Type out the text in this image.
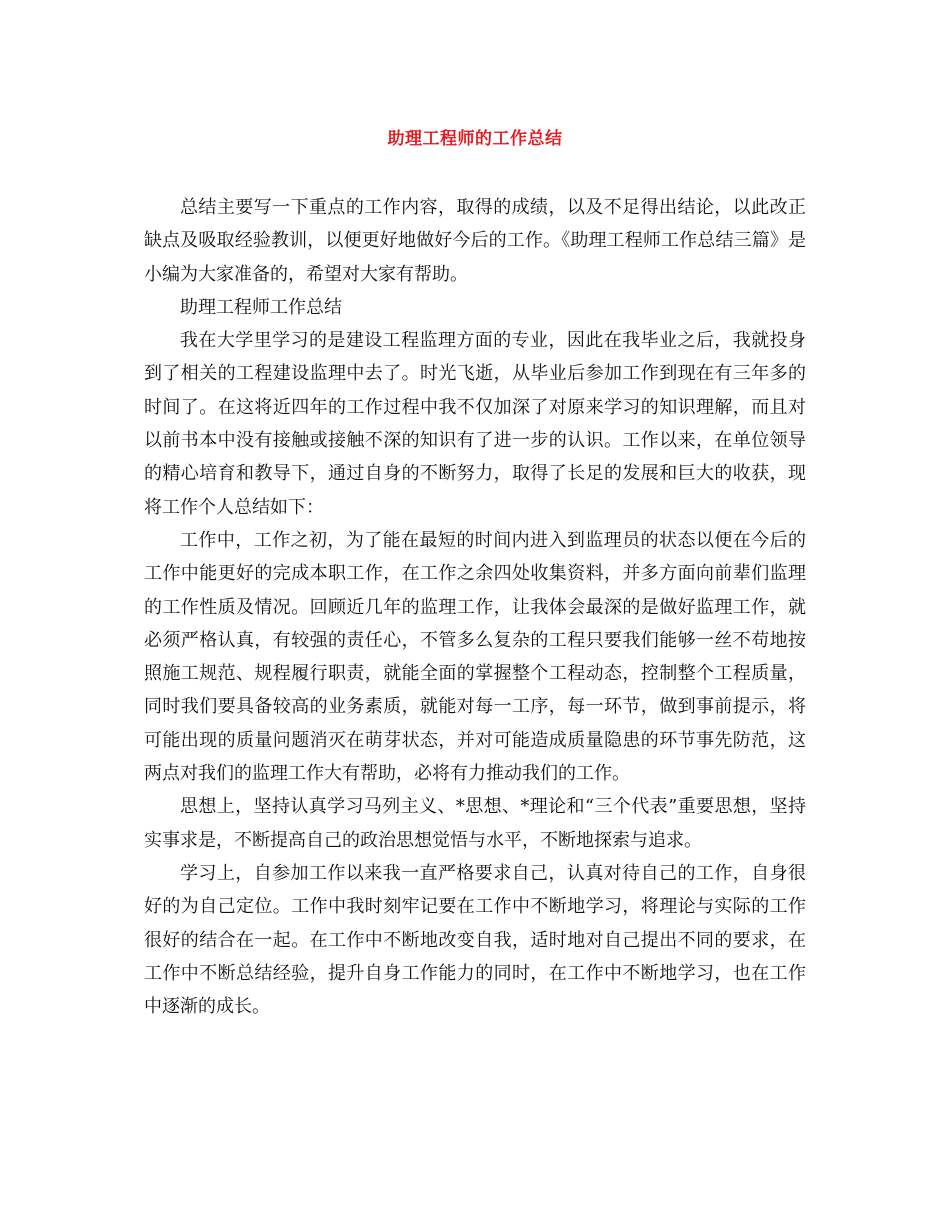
助理工程师的工作总结

总结主要写一下重点的工作内容，取得的成绩，以及不足得出结论，以此改正缺点及吸取经验教训，以便更好地做好今后的工作。《助理工程师工作总结三篇》是小编为大家准备的，希望对大家有帮助。

助理工程师工作总结

我在大学里学习的是建设工程监理方面的专业，因此在我毕业之后，我就投身到了相关的工程建设监理中去了。时光飞逝，从毕业后参加工作到现在有三年多的时间了。在这将近四年的工作过程中我不仅加深了对原来学习的知识理解，而且对以前书本中没有接触或接触不深的知识有了进一步的认识。工作以来，在单位领导的精心培育和教导下，通过自身的不断努力，取得了长足的发展和巨大的收获，现将工作个人总结如下：

工作中，工作之初，为了能在最短的时间内进入到监理员的状态以便在今后的工作中能更好的完成本职工作，在工作之余四处收集资料，并多方面向前辈们监理的工作性质及情况。回顾近几年的监理工作，让我体会最深的是做好监理工作，就必须严格认真，有较强的责任心，不管多么复杂的工程只要我们能够一丝不苟地按照施工规范、规程履行职责，就能全面的掌握整个工程动态，控制整个工程质量，同时我们要具备较高的业务素质，就能对每一工序，每一环节，做到事前提示，将可能出现的质量问题消灭在萌芽状态，并对可能造成质量隐患的环节事先防范，这两点对我们的监理工作大有帮助，必将有力推动我们的工作。

思想上，坚持认真学习马列主义、*思想、*理论和“三个代表”重要思想，坚持实事求是，不断提高自己的政治思想觉悟与水平，不断地探索与追求。

学习上，自参加工作以来我一直严格要求自己，认真对待自己的工作，自身很好的为自己定位。工作中我时刻牢记要在工作中不断地学习，将理论与实际的工作很好的结合在一起。在工作中不断地改变自我，适时地对自己提出不同的要求，在工作中不断总结经验，提升自身工作能力的同时，在工作中不断地学习，也在工作中逐渐的成长。
